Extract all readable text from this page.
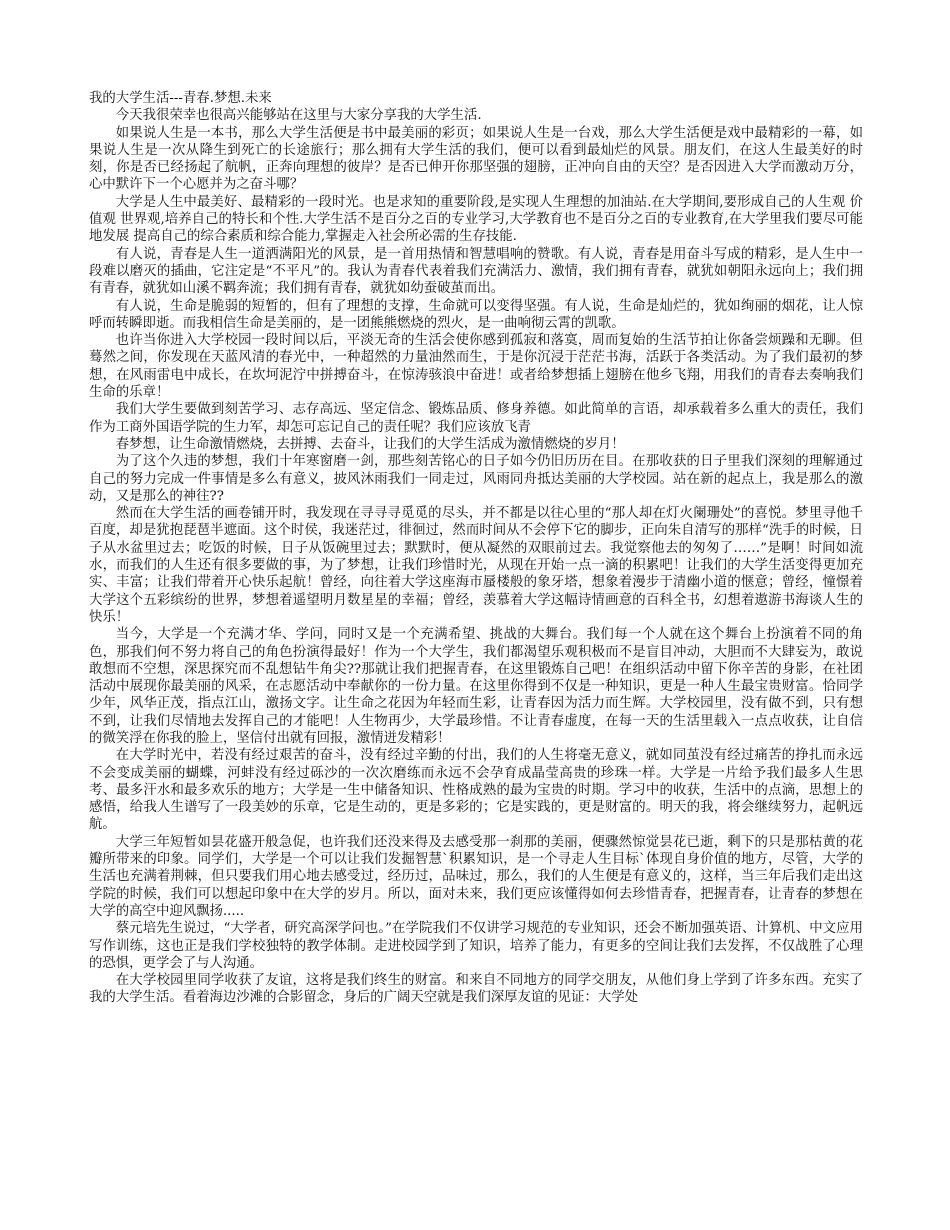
我的大学生活---青春.梦想.未来

今天我很荣幸也很高兴能够站在这里与大家分享我的大学生活.

如果说人生是一本书，那么大学生活便是书中最美丽的彩页；如果说人生是一台戏，那么大学生活便是戏中最精彩的一幕，如果说人生是一次从降生到死亡的长途旅行；那么拥有大学生活的我们，便可以看到最灿烂的风景。朋友们，在这人生最美好的时刻，你是否已经扬起了航帆，正奔向理想的彼岸？是否已伸开你那坚强的翅膀，正冲向自由的天空？是否因进入大学而激动万分，心中默许下一个心愿并为之奋斗哪？

大学是人生中最美好、最精彩的一段时光。也是求知的重要阶段,是实现人生理想的加油站.在大学期间,要形成自己的人生观 价值观 世界观,培养自己的特长和个性.大学生活不是百分之百的专业学习,大学教育也不是百分之百的专业教育,在大学里我们要尽可能地发展 提高自己的综合素质和综合能力,掌握走入社会所必需的生存技能.

有人说，青春是人生一道洒满阳光的风景，是一首用热情和智慧唱响的赞歌。有人说，青春是用奋斗写成的精彩，是人生中一段难以磨灭的插曲，它注定是“不平凡”的。我认为青春代表着我们充满活力、激情，我们拥有青春，就犹如朝阳永远向上；我们拥有青春，就犹如山溪不羁奔流；我们拥有青春，就犹如幼蚕破茧而出。

有人说，生命是脆弱的短暂的，但有了理想的支撑，生命就可以变得坚强。有人说，生命是灿烂的，犹如绚丽的烟花，让人惊呼而转瞬即逝。而我相信生命是美丽的，是一团熊熊燃烧的烈火，是一曲响彻云霄的凯歌。

也许当你进入大学校园一段时间以后，平淡无奇的生活会使你感到孤寂和落寞，周而复始的生活节拍让你备尝烦躁和无聊。但蓦然之间，你发现在天蓝风清的春光中，一种超然的力量油然而生，于是你沉浸于茫茫书海，活跃于各类活动。为了我们最初的梦想，在风雨雷电中成长，在坎坷泥泞中拼搏奋斗，在惊涛骇浪中奋进！或者给梦想插上翅膀在他乡飞翔，用我们的青春去奏响我们生命的乐章！

我们大学生要做到刻苦学习、志存高远、坚定信念、锻炼品质、修身养德。如此简单的言语，却承载着多么重大的责任，我们作为工商外国语学院的生力军，却怎可忘记自己的责任呢？我们应该放飞青

春梦想，让生命激情燃烧，去拼搏、去奋斗，让我们的大学生活成为激情燃烧的岁月！

为了这个久违的梦想，我们十年寒窗磨一剑，那些刻苦铭心的日子如今仍旧历历在目。在那收获的日子里我们深刻的理解通过自己的努力完成一件事情是多么有意义，披风沐雨我们一同走过，风雨同舟抵达美丽的大学校园。站在新的起点上，我是那么的激动，又是那么的神往??

然而在大学生活的画卷铺开时，我发现在寻寻寻觅觅的尽头，并不都是以往心里的“那人却在灯火阑珊处”的喜悦。梦里寻他千百度，却是犹抱琵琶半遮面。这个时侯，我迷茫过，徘徊过，然而时间从不会停下它的脚步，正向朱自清写的那样“洗手的时候，日子从水盆里过去；吃饭的时候，日子从饭碗里过去；默默时，便从凝然的双眼前过去。我觉察他去的匆匆了……”是啊！时间如流水，而我们的人生还有很多要做的事，为了梦想，让我们珍惜时光，从现在开始一点一滴的积累吧！让我们的大学生活变得更加充实、丰富；让我们带着开心快乐起航！曾经，向往着大学这座海市蜃楼般的象牙塔，想象着漫步于清幽小道的惬意；曾经，憧憬着大学这个五彩缤纷的世界，梦想着遥望明月数星星的幸福；曾经，羡慕着大学这幅诗情画意的百科全书，幻想着遨游书海谈人生的快乐！

当今，大学是一个充满才华、学问，同时又是一个充满希望、挑战的大舞台。我们每一个人就在这个舞台上扮演着不同的角色，那我们何不努力将自己的角色扮演得最好！作为一个大学生，我们都渴望乐观积极而不是盲目冲动，大胆而不大肆妄为，敢说敢想而不空想，深思探究而不乱想钻牛角尖??那就让我们把握青春，在这里锻炼自己吧！在组织活动中留下你辛苦的身影，在社团活动中展现你最美丽的风采，在志愿活动中奉献你的一份力量。在这里你得到不仅是一种知识，更是一种人生最宝贵财富。恰同学少年，风华正茂，指点江山，激扬文字。让生命之花因为年轻而生彩，让青春因为活力而生辉。大学校园里，没有做不到，只有想不到，让我们尽情地去发挥自己的才能吧！人生物再少，大学最珍惜。不让青春虚度，在每一天的生活里载入一点点收获，让自信的微笑浮在你我的脸上，坚信付出就有回报，激情迸发精彩！

在大学时光中，若没有经过艰苦的奋斗，没有经过辛勤的付出，我们的人生将毫无意义，就如同茧没有经过痛苦的挣扎而永远不会变成美丽的蝴蝶，河蚌没有经过砾沙的一次次磨练而永远不会孕育成晶莹高贵的珍珠一样。大学是一片给予我们最多人生思考、最多汗水和最多欢乐的地方；大学是一生中储备知识、性格成熟的最为宝贵的时期。学习中的收获，生活中的点滴，思想上的感悟，给我人生谱写了一段美妙的乐章，它是生动的，更是多彩的；它是实践的，更是财富的。明天的我，将会继续努力，起帆远航。

大学三年短暂如昙花盛开般急促，也许我们还没来得及去感受那一刹那的美丽，便骤然惊觉昙花已逝，剩下的只是那枯黄的花瓣所带来的印象。同学们，大学是一个可以让我们发掘智慧`积累知识，是一个寻走人生目标`体现自身价值的地方，尽管，大学的生活也充满着荆棘，但只要我们用心地去感受过，经历过，品味过，那么，我们的人生便是有意义的，这样，当三年后我们走出这学院的时候，我们可以想起印象中在大学的岁月。所以，面对未来，我们更应该懂得如何去珍惜青春，把握青春，让青春的梦想在大学的高空中迎风飘扬.....

蔡元培先生说过，“大学者，研究高深学问也。”在学院我们不仅讲学习规范的专业知识，还会不断加强英语、计算机、中文应用写作训练，这也正是我们学校独特的教学体制。走进校园学到了知识，培养了能力，有更多的空间让我们去发挥，不仅战胜了心理的恐惧，更学会了与人沟通。

在大学校园里同学收获了友谊，这将是我们终生的财富。和来自不同地方的同学交朋友，从他们身上学到了许多东西。充实了我的大学生活。看着海边沙滩的合影留念，身后的广阔天空就是我们深厚友谊的见证：大学处
